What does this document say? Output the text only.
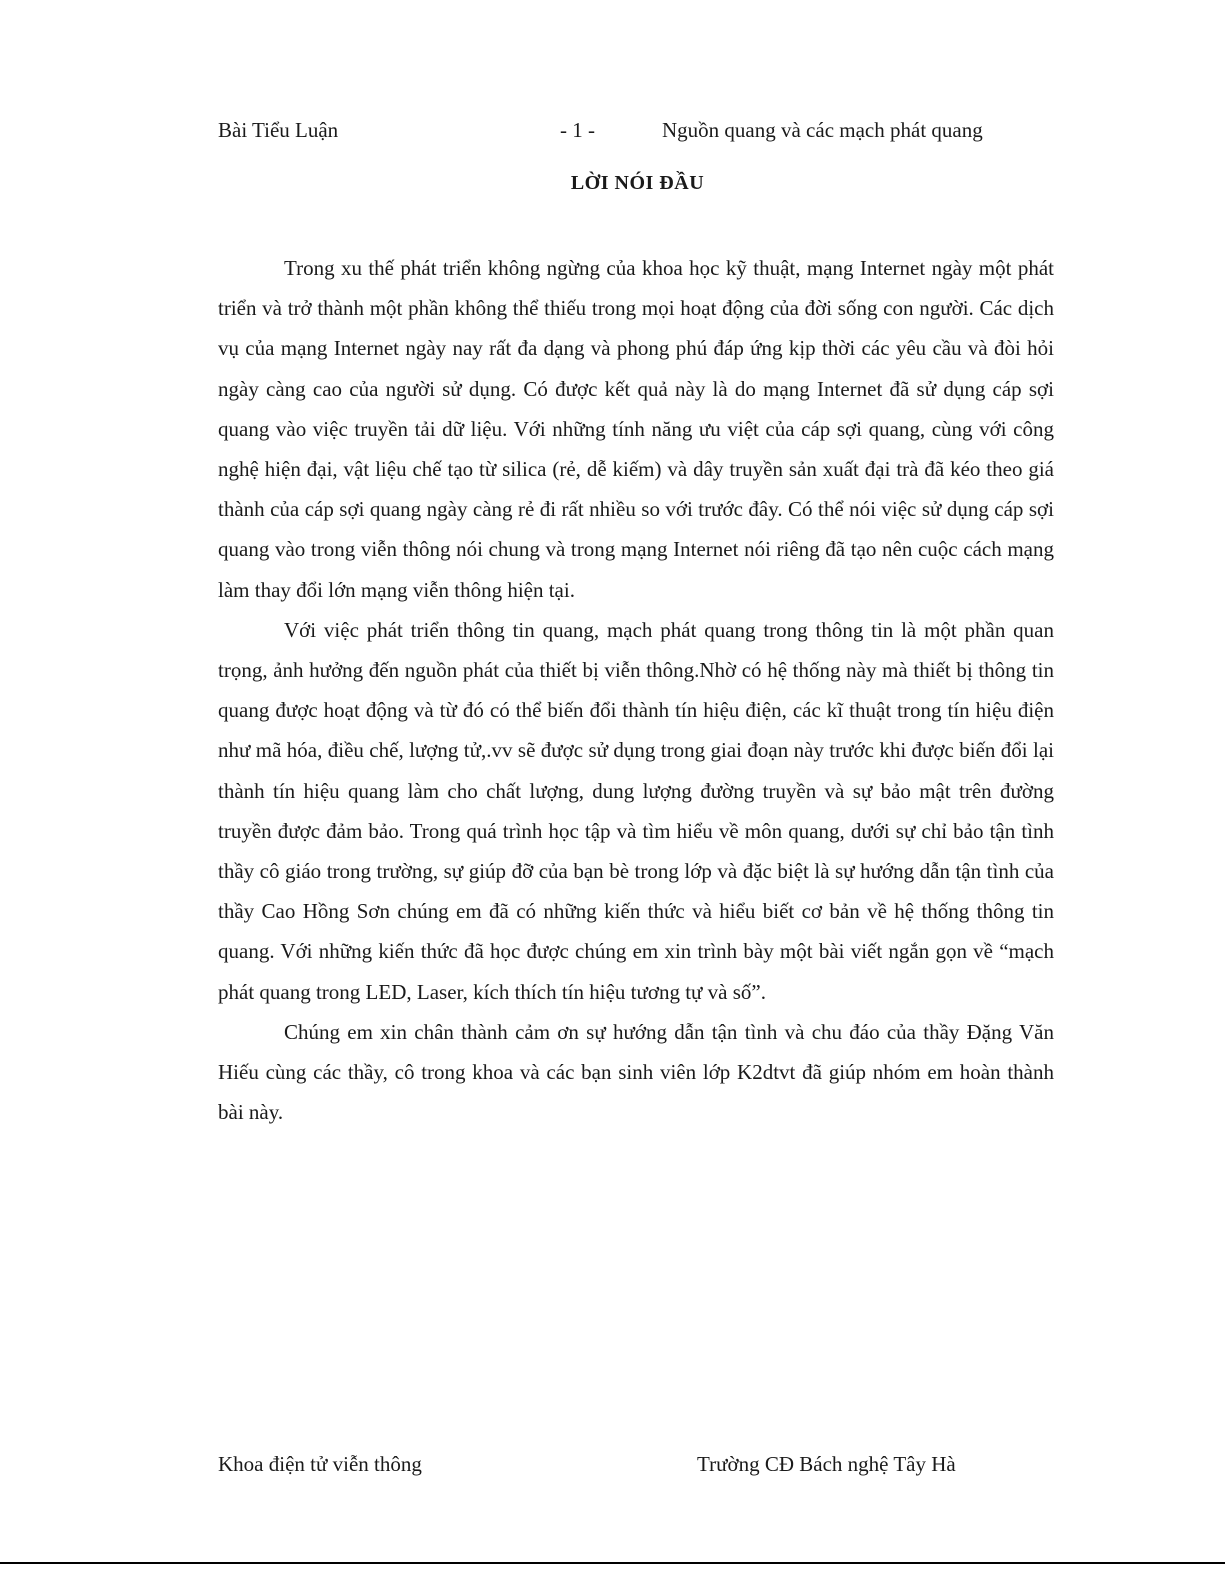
Bài Tiểu Luận	- 1 -	Nguồn quang và các mạch phát quang
LỜI NÓI ĐẦU

Trong xu thế phát triển không ngừng của khoa học kỹ thuật, mạng Internet ngày một phát triển và trở thành một phần không thể thiếu trong mọi hoạt động của đời sống con người. Các dịch vụ của mạng Internet ngày nay rất đa dạng và phong phú đáp ứng kịp thời các yêu cầu và đòi hỏi ngày càng cao của người sử dụng. Có được kết quả này là do mạng Internet đã sử dụng cáp sợi quang vào việc truyền tải dữ liệu. Với những tính năng ưu việt của cáp sợi quang, cùng với công nghệ hiện đại, vật liệu chế tạo từ silica (rẻ, dễ kiếm) và dây truyền sản xuất đại trà đã kéo theo giá thành của cáp sợi quang ngày càng rẻ đi rất nhiều so với trước đây. Có thể nói việc sử dụng cáp sợi quang vào trong viễn thông nói chung và trong mạng Internet nói riêng đã tạo nên cuộc cách mạng làm thay đổi lớn mạng viễn thông hiện tại.

Với việc phát triển thông tin quang, mạch phát quang trong thông tin là một phần quan trọng, ảnh hưởng đến nguồn phát của thiết bị viễn thông.Nhờ có hệ thống này mà thiết bị thông tin quang được hoạt động và từ đó có thể biến đổi thành tín hiệu điện, các kĩ thuật trong tín hiệu điện như mã hóa, điều chế, lượng tử,.vv sẽ được sử dụng trong giai đoạn này trước khi được biến đổi lại thành tín hiệu quang làm cho chất lượng, dung lượng đường truyền và sự bảo mật trên đường truyền được đảm bảo. Trong quá trình học tập và tìm hiểu về môn quang, dưới sự chỉ bảo tận tình thầy cô giáo trong trường, sự giúp đỡ của bạn bè trong lớp và đặc biệt là sự hướng dẫn tận tình của thầy Cao Hồng Sơn chúng em đã có những kiến thức và hiểu biết cơ bản về hệ thống thông tin quang. Với những kiến thức đã học được chúng em xin trình bày một bài viết ngắn gọn về “mạch phát quang trong LED, Laser, kích thích tín hiệu tương tự và số”.

Chúng em xin chân thành cảm ơn sự hướng dẫn tận tình và chu đáo của thầy Đặng Văn Hiếu cùng các thầy, cô trong khoa và các bạn sinh viên lớp K2dtvt đã giúp nhóm em hoàn thành bài này.

Khoa điện tử viễn thông	Trường CĐ Bách nghệ Tây Hà
